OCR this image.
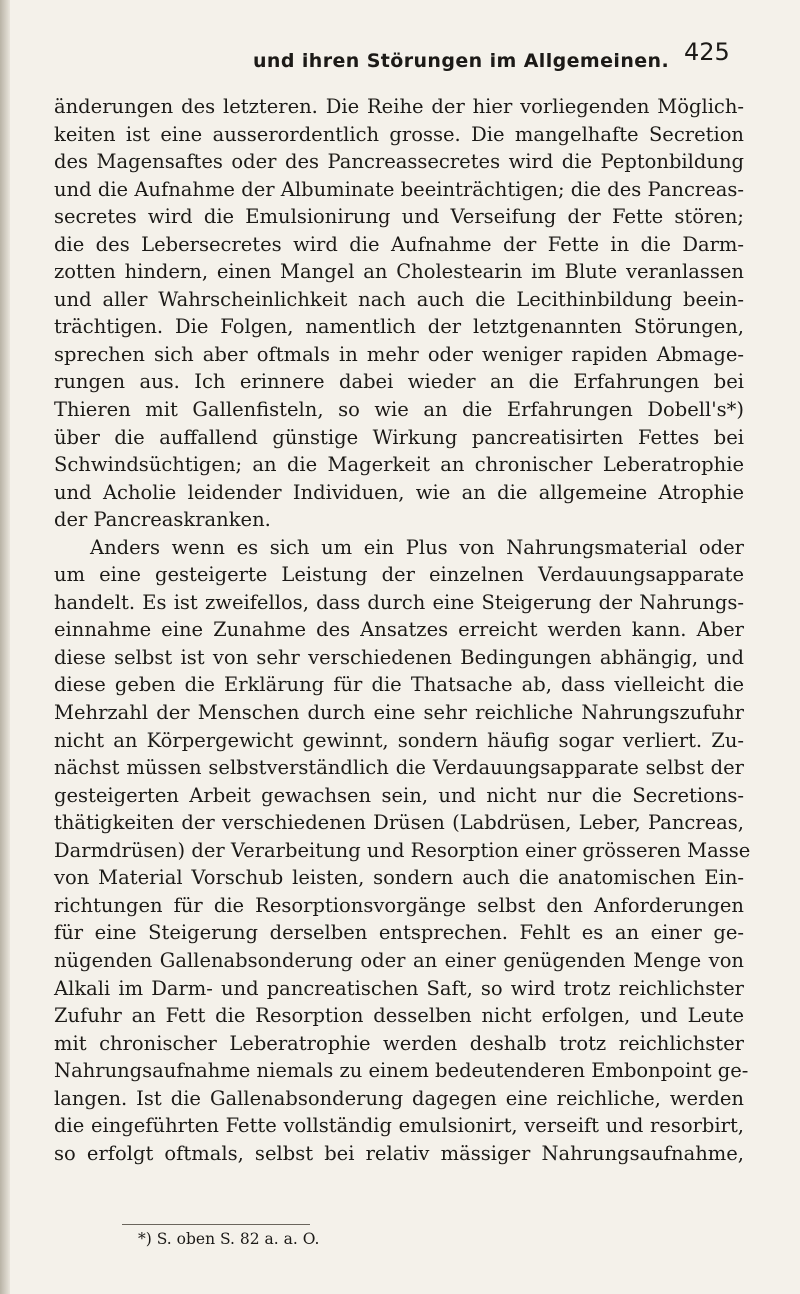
und ihren Störungen im Allgemeinen. 425
änderungen des letzteren. Die Reihe der hier vorliegenden Möglich-
keiten ist eine ausserordentlich grosse. Die mangelhafte Secretion
des Magensaftes oder des Pancreassecretes wird die Peptonbildung
und die Aufnahme der Albuminate beeinträchtigen; die des Pancreas-
secretes wird die Emulsionirung und Verseifung der Fette stören;
die des Lebersecretes wird die Aufnahme der Fette in die Darm-
zotten hindern, einen Mangel an Cholestearin im Blute veranlassen
und aller Wahrscheinlichkeit nach auch die Lecithinbildung beein-
trächtigen. Die Folgen, namentlich der letztgenannten Störungen,
sprechen sich aber oftmals in mehr oder weniger rapiden Abmage-
rungen aus. Ich erinnere dabei wieder an die Erfahrungen bei
Thieren mit Gallenfisteln, so wie an die Erfahrungen Dobell's*)
über die auffallend günstige Wirkung pancreatisirten Fettes bei
Schwindsüchtigen; an die Magerkeit an chronischer Leberatrophie
und Acholie leidender Individuen, wie an die allgemeine Atrophie
der Pancreaskranken.
Anders wenn es sich um ein Plus von Nahrungsmaterial oder
um eine gesteigerte Leistung der einzelnen Verdauungsapparate
handelt. Es ist zweifellos, dass durch eine Steigerung der Nahrungs-
einnahme eine Zunahme des Ansatzes erreicht werden kann. Aber
diese selbst ist von sehr verschiedenen Bedingungen abhängig, und
diese geben die Erklärung für die Thatsache ab, dass vielleicht die
Mehrzahl der Menschen durch eine sehr reichliche Nahrungszufuhr
nicht an Körpergewicht gewinnt, sondern häufig sogar verliert. Zu-
nächst müssen selbstverständlich die Verdauungsapparate selbst der
gesteigerten Arbeit gewachsen sein, und nicht nur die Secretions-
thätigkeiten der verschiedenen Drüsen (Labdrüsen, Leber, Pancreas,
Darmdrüsen) der Verarbeitung und Resorption einer grösseren Masse
von Material Vorschub leisten, sondern auch die anatomischen Ein-
richtungen für die Resorptionsvorgänge selbst den Anforderungen
für eine Steigerung derselben entsprechen. Fehlt es an einer ge-
nügenden Gallenabsonderung oder an einer genügenden Menge von
Alkali im Darm- und pancreatischen Saft, so wird trotz reichlichster
Zufuhr an Fett die Resorption desselben nicht erfolgen, und Leute
mit chronischer Leberatrophie werden deshalb trotz reichlichster
Nahrungsaufnahme niemals zu einem bedeutenderen Embonpoint ge-
langen. Ist die Gallenabsonderung dagegen eine reichliche, werden
die eingeführten Fette vollständig emulsionirt, verseift und resorbirt,
so erfolgt oftmals, selbst bei relativ mässiger Nahrungsaufnahme,
*) S. oben S. 82 a. a. O.
